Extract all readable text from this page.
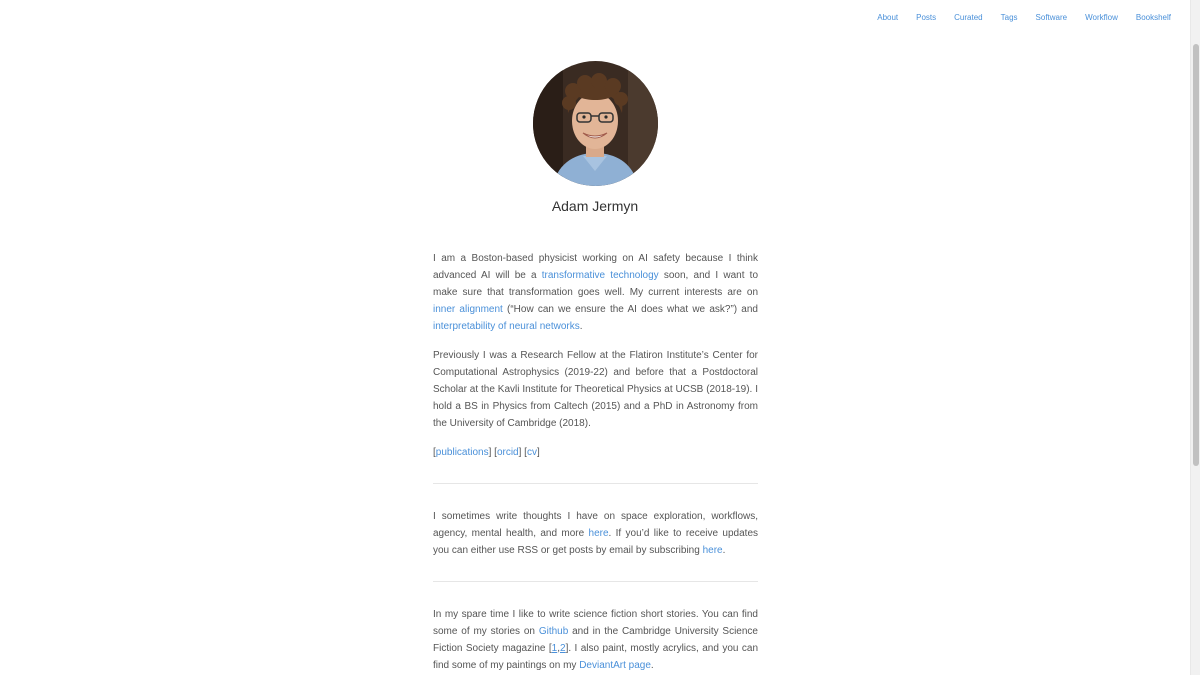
About Posts Curated Tags Software Workflow Bookshelf
Adam Jermyn

I am a Boston-based physicist working on AI safety because I think advanced AI will be a transformative technology soon, and I want to make sure that transformation goes well. My current interests are on inner alignment (“How can we ensure the AI does what we ask?”) and interpretability of neural networks.

Previously I was a Research Fellow at the Flatiron Institute’s Center for Computational Astrophysics (2019-22) and before that a Postdoctoral Scholar at the Kavli Institute for Theoretical Physics at UCSB (2018-19). I hold a BS in Physics from Caltech (2015) and a PhD in Astronomy from the University of Cambridge (2018).

[publications] [orcid] [cv]

I sometimes write thoughts I have on space exploration, workflows, agency, mental health, and more here. If you’d like to receive updates you can either use RSS or get posts by email by subscribing here.

In my spare time I like to write science fiction short stories. You can find some of my stories on Github and in the Cambridge University Science Fiction Society magazine [1,2]. I also paint, mostly acrylics, and you can find some of my paintings on my DeviantArt page.
